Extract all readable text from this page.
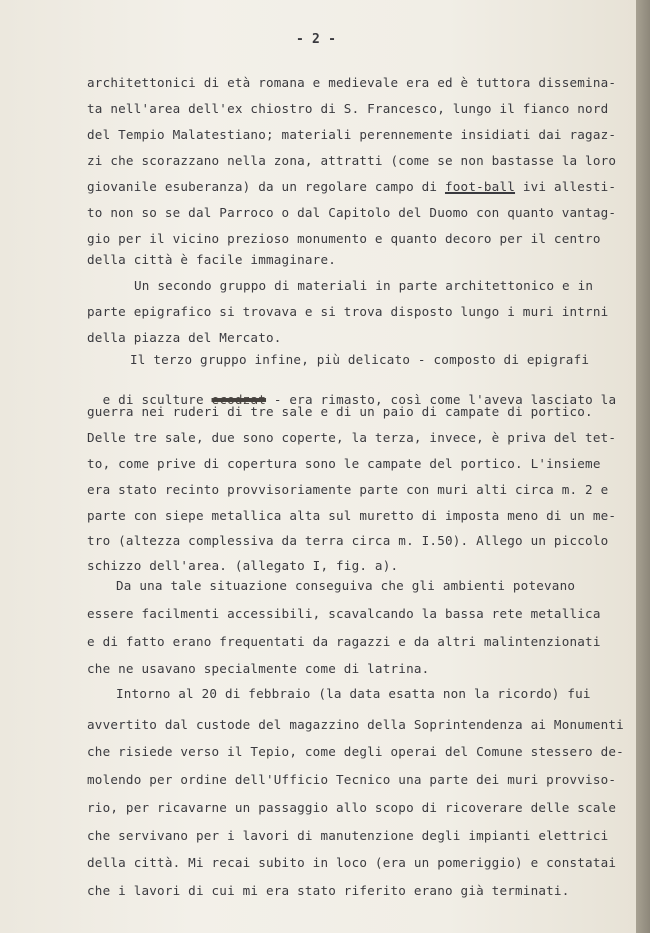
- 2 -
architettonici di età romana e medievale era ed è tuttora dissemina-
ta nell'area dell'ex chiostro di S. Francesco, lungo il fianco nord
del Tempio Malatestiano; materiali perennemente insidiati dai ragaz-
zi che scorazzano nella zona, attratti (come se non bastasse la loro
giovanile esuberanza) da un regolare campo di foot-ball ivi allesti-
to non so se dal Parroco o dal Capitolo del Duomo con quanto vantag-
gio per il vicino prezioso monumento e quanto decoro per il centro
della città è facile immaginare.
Un secondo gruppo di materiali in parte architettonico e in
parte epigrafico si trovava e si trova disposto lungo i muri intrni
della piazza del Mercato.
Il terzo gruppo infine, più delicato - composto di epigrafi

e di sculture ecodzat - era rimasto, così come l'aveva lasciato la

guerra nei ruderi di tre sale e di un paio di campate di portico.
Delle tre sale, due sono coperte, la terza, invece, è priva del tet-
to, come prive di copertura sono le campate del portico. L'insieme
era stato recinto provvisoriamente parte con muri alti circa m. 2 e
parte con siepe metallica alta sul muretto di imposta meno di un me-
tro (altezza complessiva da terra circa m. I.50). Allego un piccolo
schizzo dell'area. (allegato I, fig. a).
Da una tale situazione conseguiva che gli ambienti potevano
essere facilmenti accessibili, scavalcando la bassa rete metallica
e di fatto erano frequentati da ragazzi e da altri malintenzionati
che ne usavano specialmente come di latrina.
Intorno al 20 di febbraio (la data esatta non la ricordo) fui
avvertito dal custode del magazzino della Soprintendenza ai Monumenti
che risiede verso il Tepio, come degli operai del Comune stessero de-
molendo per ordine dell'Ufficio Tecnico una parte dei muri provviso-
rio, per ricavarne un passaggio allo scopo di ricoverare delle scale
che servivano per i lavori di manutenzione degli impianti elettrici
della città. Mi recai subito in loco (era un pomeriggio) e constatai
che i lavori di cui mi era stato riferito erano già terminati.
